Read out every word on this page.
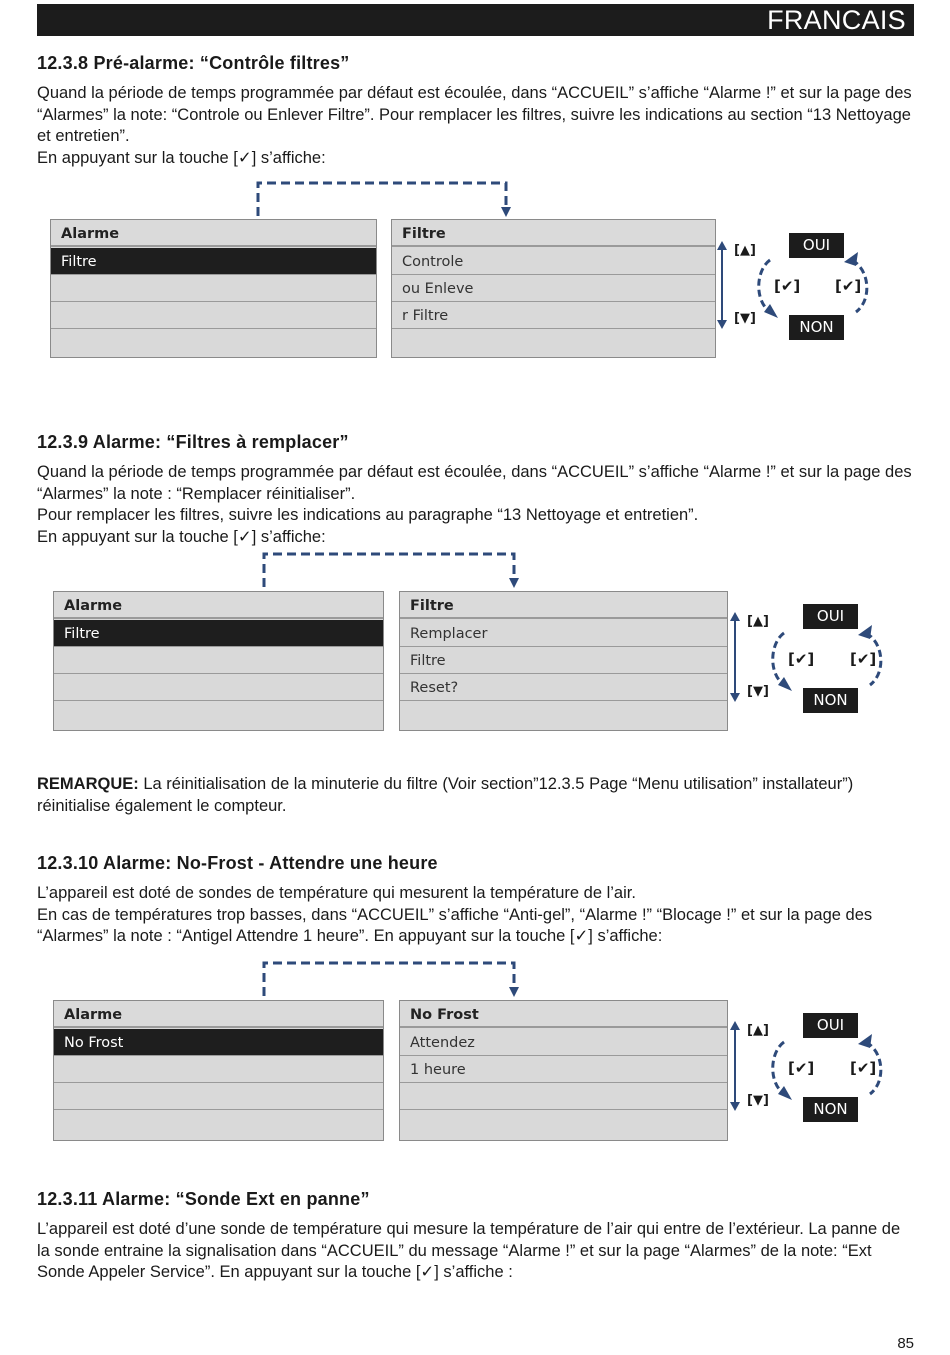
FRANCAIS

12.3.8 Pré-alarme: “Contrôle filtres”

Quand la période de temps programmée par défaut est écoulée, dans “ACCUEIL” s’affiche “Alarme !” et sur la page des “Alarmes” la note: “Controle ou Enlever Filtre”. Pour remplacer les filtres, suivre les indications au section “13 Nettoyage et entretien”.

En appuyant sur la touche [✓] s’affiche:

Alarme
Filtre
Filtre
Controle
ou Enleve
r Filtre
[▲]
[▼]
OUI
[✔] [✔]
NON

12.3.9 Alarme: “Filtres à remplacer”

Quand la période de temps programmée par défaut est écoulée, dans “ACCUEIL” s’affiche “Alarme !” et sur la page des “Alarmes” la note : “Remplacer réinitialiser”.

Pour remplacer les filtres, suivre les indications au paragraphe “13 Nettoyage et entretien”.

En appuyant sur la touche [✓] s’affiche:

Alarme
Filtre
Filtre
Remplacer
Filtre
Reset?
[▲]
[▼]
OUI
[✔] [✔]
NON
REMARQUE: La réinitialisation de la minuterie du filtre (Voir section”12.3.5 Page “Menu utilisation” installateur”) réinitialise également le compteur.

12.3.10 Alarme: No-Frost - Attendre une heure

L’appareil est doté de sondes de température qui mesurent la température de l’air.

En cas de températures trop basses, dans “ACCUEIL” s’affiche “Anti-gel”, “Alarme !” “Blocage !” et sur la page des “Alarmes” la note : “Antigel Attendre 1 heure”. En appuyant sur la touche [✓] s’affiche:

Alarme
No Frost
No Frost
Attendez
1 heure
[▲]
[▼]
OUI
[✔] [✔]
NON

12.3.11 Alarme: “Sonde Ext en panne”

L’appareil est doté d’une sonde de température qui mesure la température de l’air qui entre de l’extérieur. La panne de la sonde entraine la signalisation dans “ACCUEIL” du message “Alarme !” et sur la page “Alarmes” de la note: “Ext Sonde Appeler Service”. En appuyant sur la touche [✓] s’affiche :

85
